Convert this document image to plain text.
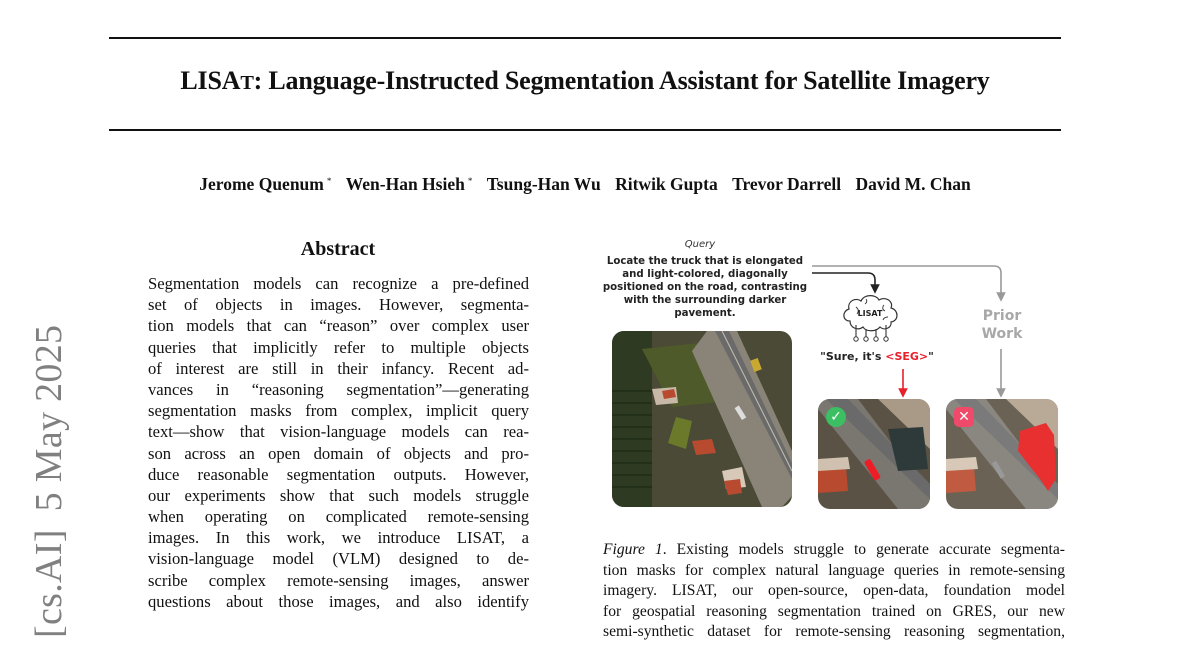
LISAT: Language-Instructed Segmentation Assistant for Satellite Imagery
Jerome Quenum * Wen-Han Hsieh * Tsung-Han Wu Ritwik Gupta Trevor Darrell David M. Chan
[cs.AI]5 May 2025
Abstract
Segmentation models can recognize a pre-defined
set of objects in images. However, segmenta-
tion models that can “reason” over complex user
queries that implicitly refer to multiple objects
of interest are still in their infancy. Recent ad-
vances in “reasoning segmentation”—generating
segmentation masks from complex, implicit query
text—show that vision-language models can rea-
son across an open domain of objects and pro-
duce reasonable segmentation outputs. However,
our experiments show that such models struggle
when operating on complicated remote-sensing
images. In this work, we introduce LISAT, a
vision-language model (VLM) designed to de-
scribe complex remote-sensing images, answer
questions about those images, and also identify
Query
Locate the truck that is elongated and light-colored, diagonally positioned on the road, contrasting with the surrounding darker pavement.	LISAT
"Sure, it's <SEG>"
Prior
Work
✓	✕
Figure 1. Existing models struggle to generate accurate segmenta-
tion masks for complex natural language queries in remote-sensing
imagery. LISAT, our open-source, open-data, foundation model
for geospatial reasoning segmentation trained on GRES, our new
semi-synthetic dataset for remote-sensing reasoning segmentation,
